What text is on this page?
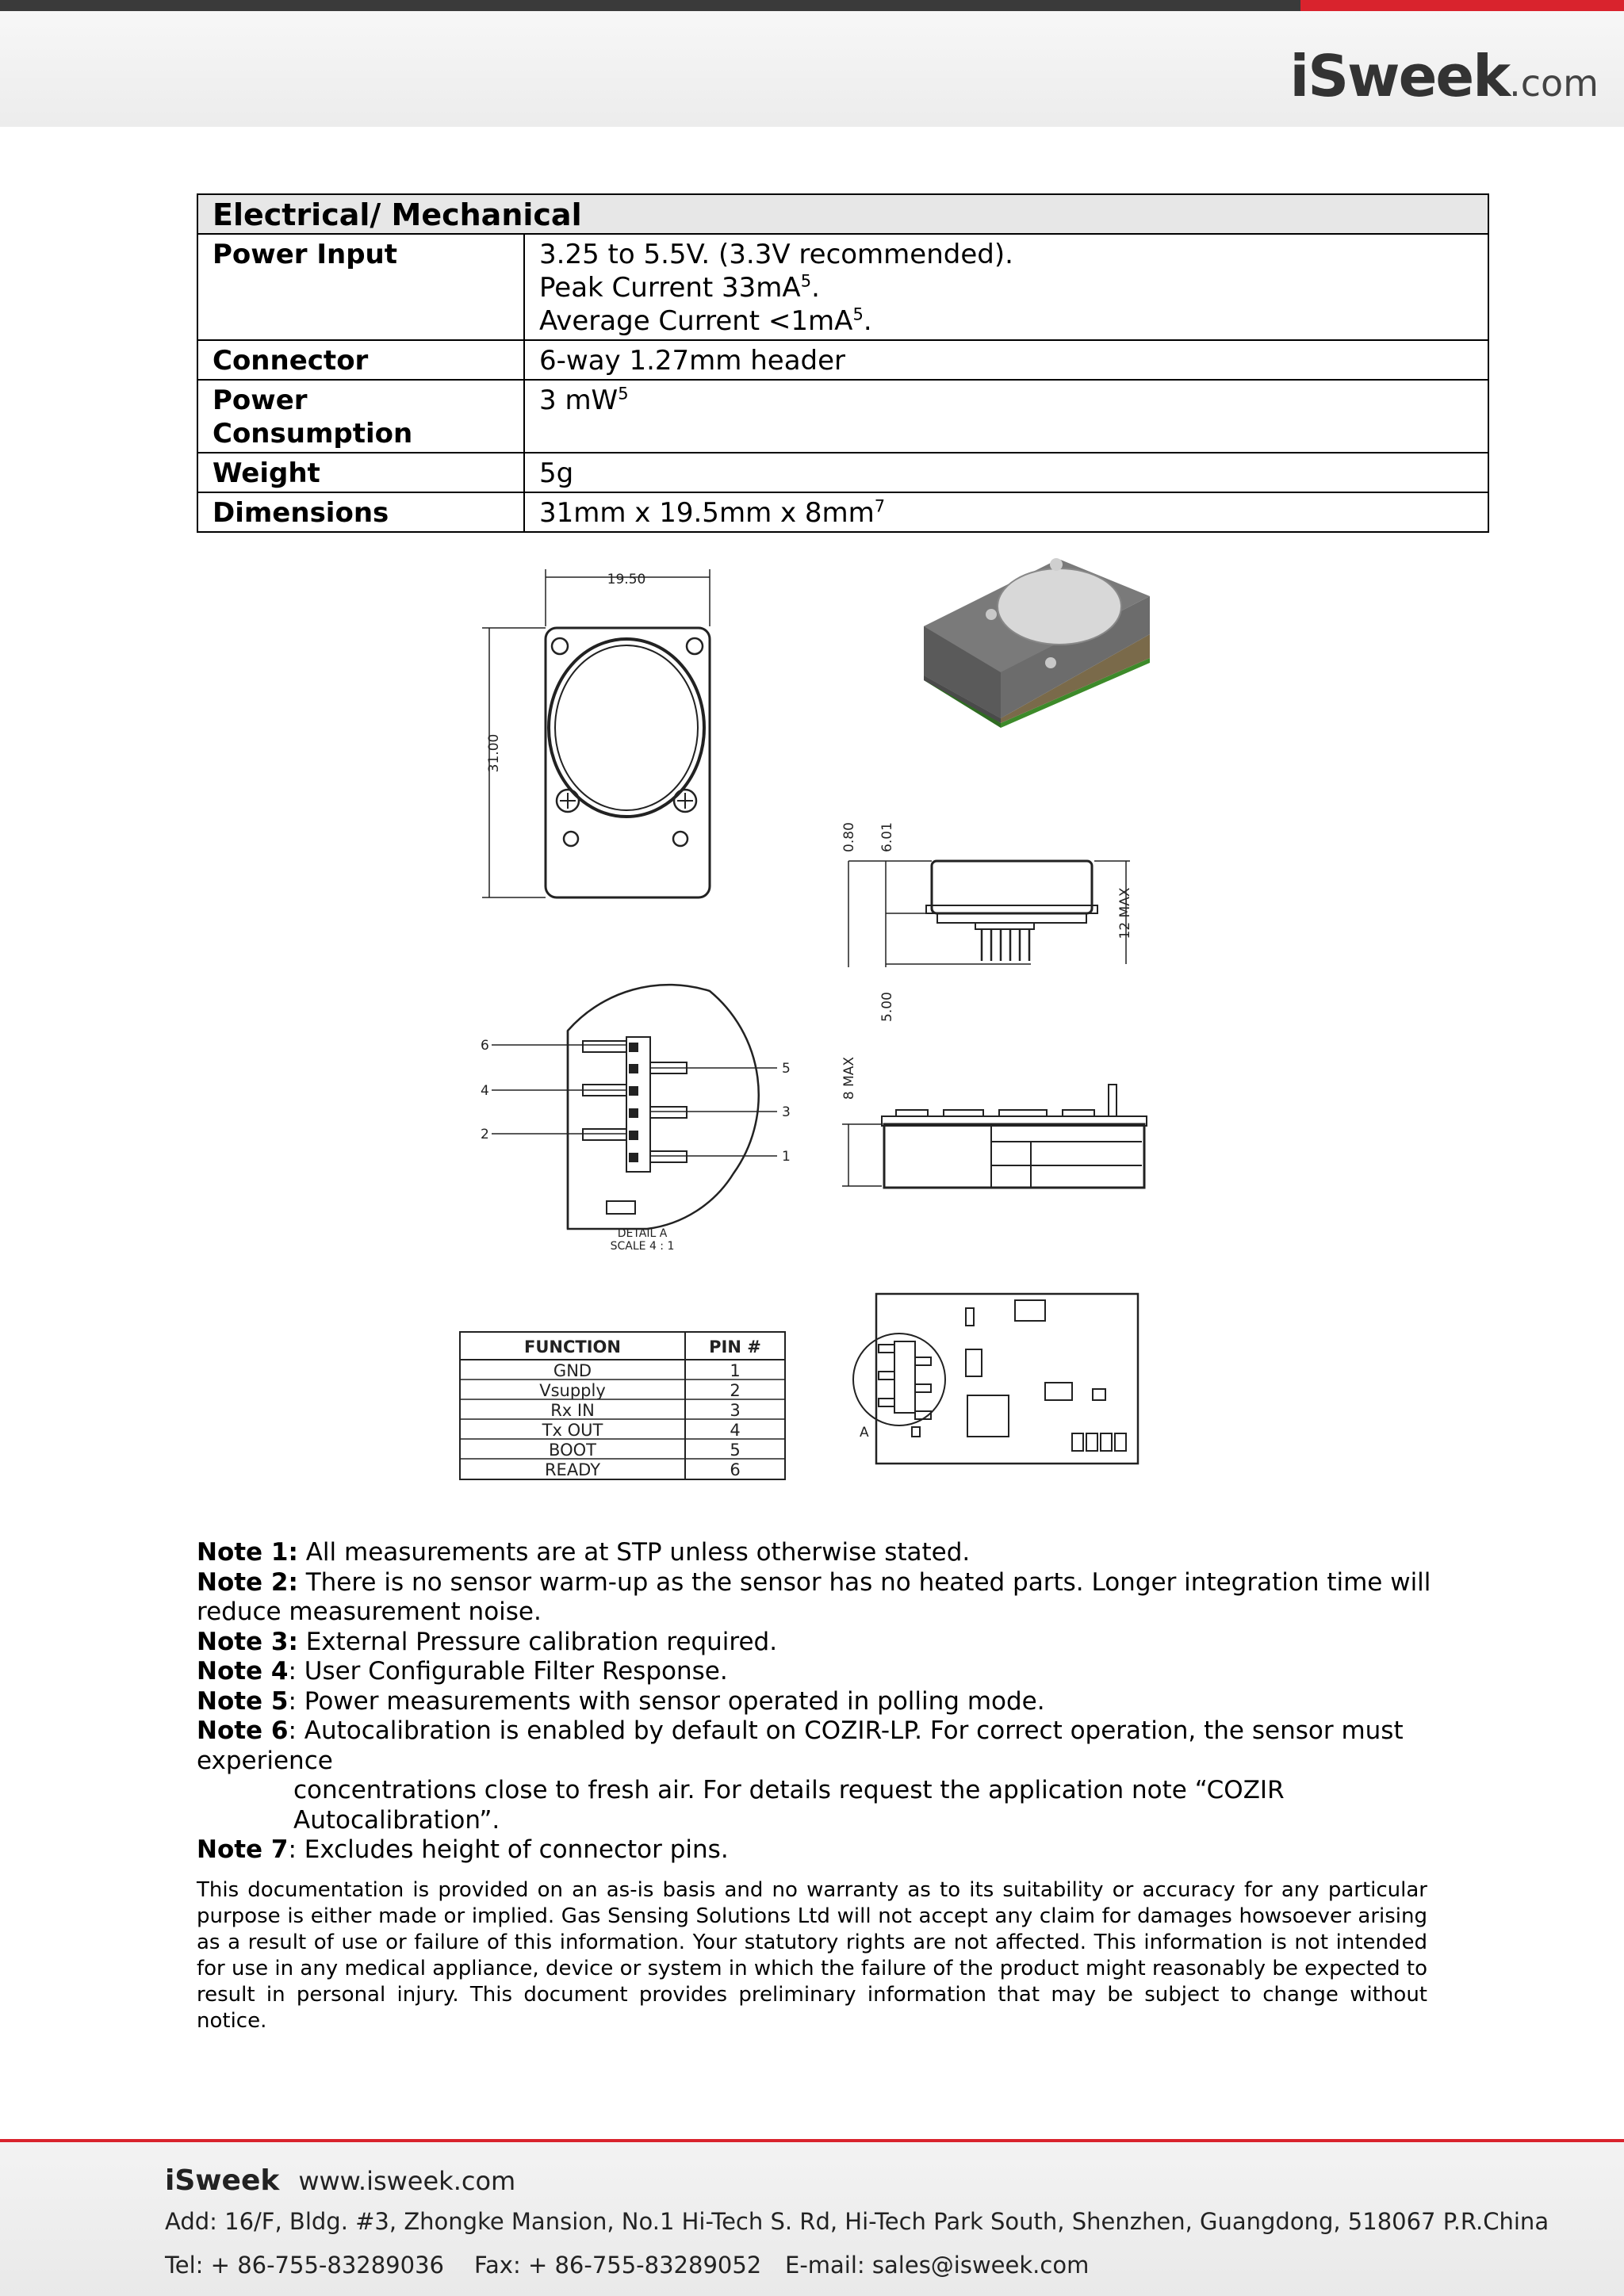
iSweek.com
Electrical/ Mechanical	
Power Input	3.25 to 5.5V. (3.3V recommended).
Peak Current $33mA^5$.
Average Current $<1mA^5$.

Connector	6-way 1.27mm header
Power Consumption	3 $mW^5$
Weight	5g
Dimensions	31mm x 19.5mm x $8mm^7$
19.50
31.00
0.80 6.01
5.00
12 MAX
6
4
2
5
3
1
DETAIL A
SCALE 4 : 1
8 MAX
FUNCTION	PIN #
GND	1
Vsupply	2
Rx IN	3
Tx OUT	4
BOOT	5
READY	6
A

Note 1: All measurements are at STP unless otherwise stated.

Note 2: There is no sensor warm-up as the sensor has no heated parts. Longer integration time will reduce measurement noise.

Note 3: External Pressure calibration required.

Note 4: User Configurable Filter Response.

Note 5: Power measurements with sensor operated in polling mode.

Note 6: Autocalibration is enabled by default on COZIR-LP. For correct operation, the sensor must experience

concentrations close to fresh air. For details request the application note “COZIR Autocalibration”.

Note 7: Excludes height of connector pins.

This documentation is provided on an as-is basis and no warranty as to its suitability or accuracy for any particular purpose is either made or implied. Gas Sensing Solutions Ltd will not accept any claim for damages howsoever arising as a result of use or failure of this information. Your statutory rights are not affected. This information is not intended for use in any medical appliance, device or system in which the failure of the product might reasonably be expected to result in personal injury. This document provides preliminary information that may be subject to change without notice.
iSweek www.isweek.com
Add: 16/F, Bldg. #3, Zhongke Mansion, No.1 Hi-Tech S. Rd, Hi-Tech Park South, Shenzhen, Guangdong, 518067 P.R.China
Tel: + 86-755-83289036 Fax: + 86-755-83289052 E-mail: sales@isweek.com
